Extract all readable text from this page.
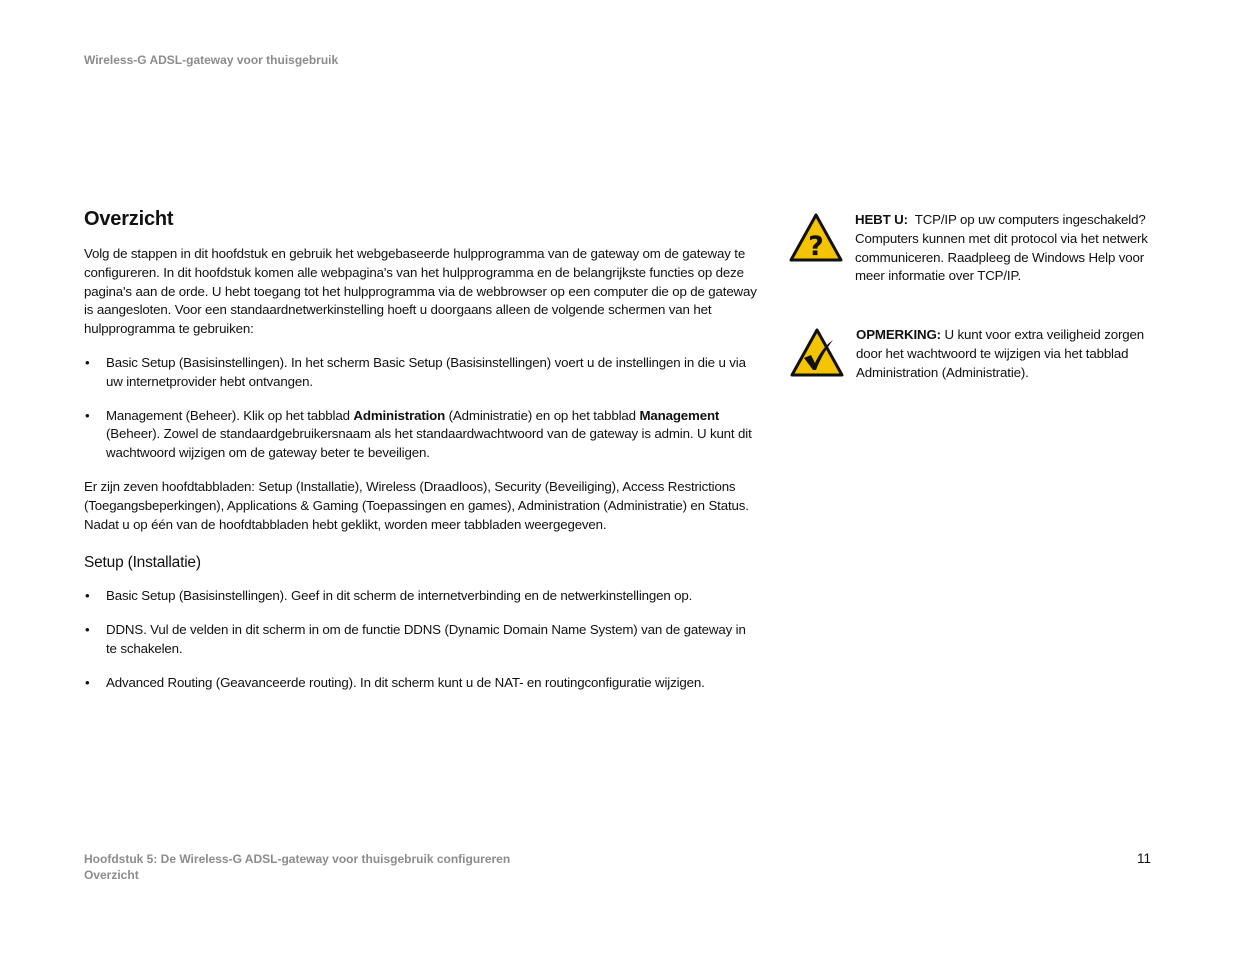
Wireless-G ADSL-gateway voor thuisgebruik
Overzicht

Volg de stappen in dit hoofdstuk en gebruik het webgebaseerde hulpprogramma van de gateway om de gateway te configureren. In dit hoofdstuk komen alle webpagina's van het hulpprogramma en de belangrijkste functies op deze pagina's aan de orde. U hebt toegang tot het hulpprogramma via de webbrowser op een computer die op de gateway is aangesloten. Voor een standaardnetwerkinstelling hoeft u doorgaans alleen de volgende schermen van het hulpprogramma te gebruiken:

• Basic Setup (Basisinstellingen). In het scherm Basic Setup (Basisinstellingen) voert u de instellingen in die u via uw internetprovider hebt ontvangen.
• Management (Beheer). Klik op het tabblad Administration (Administratie) en op het tabblad Management (Beheer). Zowel de standaardgebruikersnaam als het standaardwachtwoord van de gateway is admin. U kunt dit wachtwoord wijzigen om de gateway beter te beveiligen.

Er zijn zeven hoofdtabbladen: Setup (Installatie), Wireless (Draadloos), Security (Beveiliging), Access Restrictions (Toegangsbeperkingen), Applications & Gaming (Toepassingen en games), Administration (Administratie) en Status. Nadat u op één van de hoofdtabbladen hebt geklikt, worden meer tabbladen weergegeven.

Setup (Installatie)
• Basic Setup (Basisinstellingen). Geef in dit scherm de internetverbinding en de netwerkinstellingen op.
• DDNS. Vul de velden in dit scherm in om de functie DDNS (Dynamic Domain Name System) van de gateway in te schakelen.
• Advanced Routing (Geavanceerde routing). In dit scherm kunt u de NAT- en routingconfiguratie wijzigen.
?
HEBT U: TCP/IP op uw computers ingeschakeld? Computers kunnen met dit protocol via het netwerk communiceren. Raadpleeg de Windows Help voor meer informatie over TCP/IP.
OPMERKING: U kunt voor extra veiligheid zorgen door het wachtwoord te wijzigen via het tabblad Administration (Administratie).
Hoofdstuk 5: De Wireless-G ADSL-gateway voor thuisgebruik configureren
Overzicht
11
